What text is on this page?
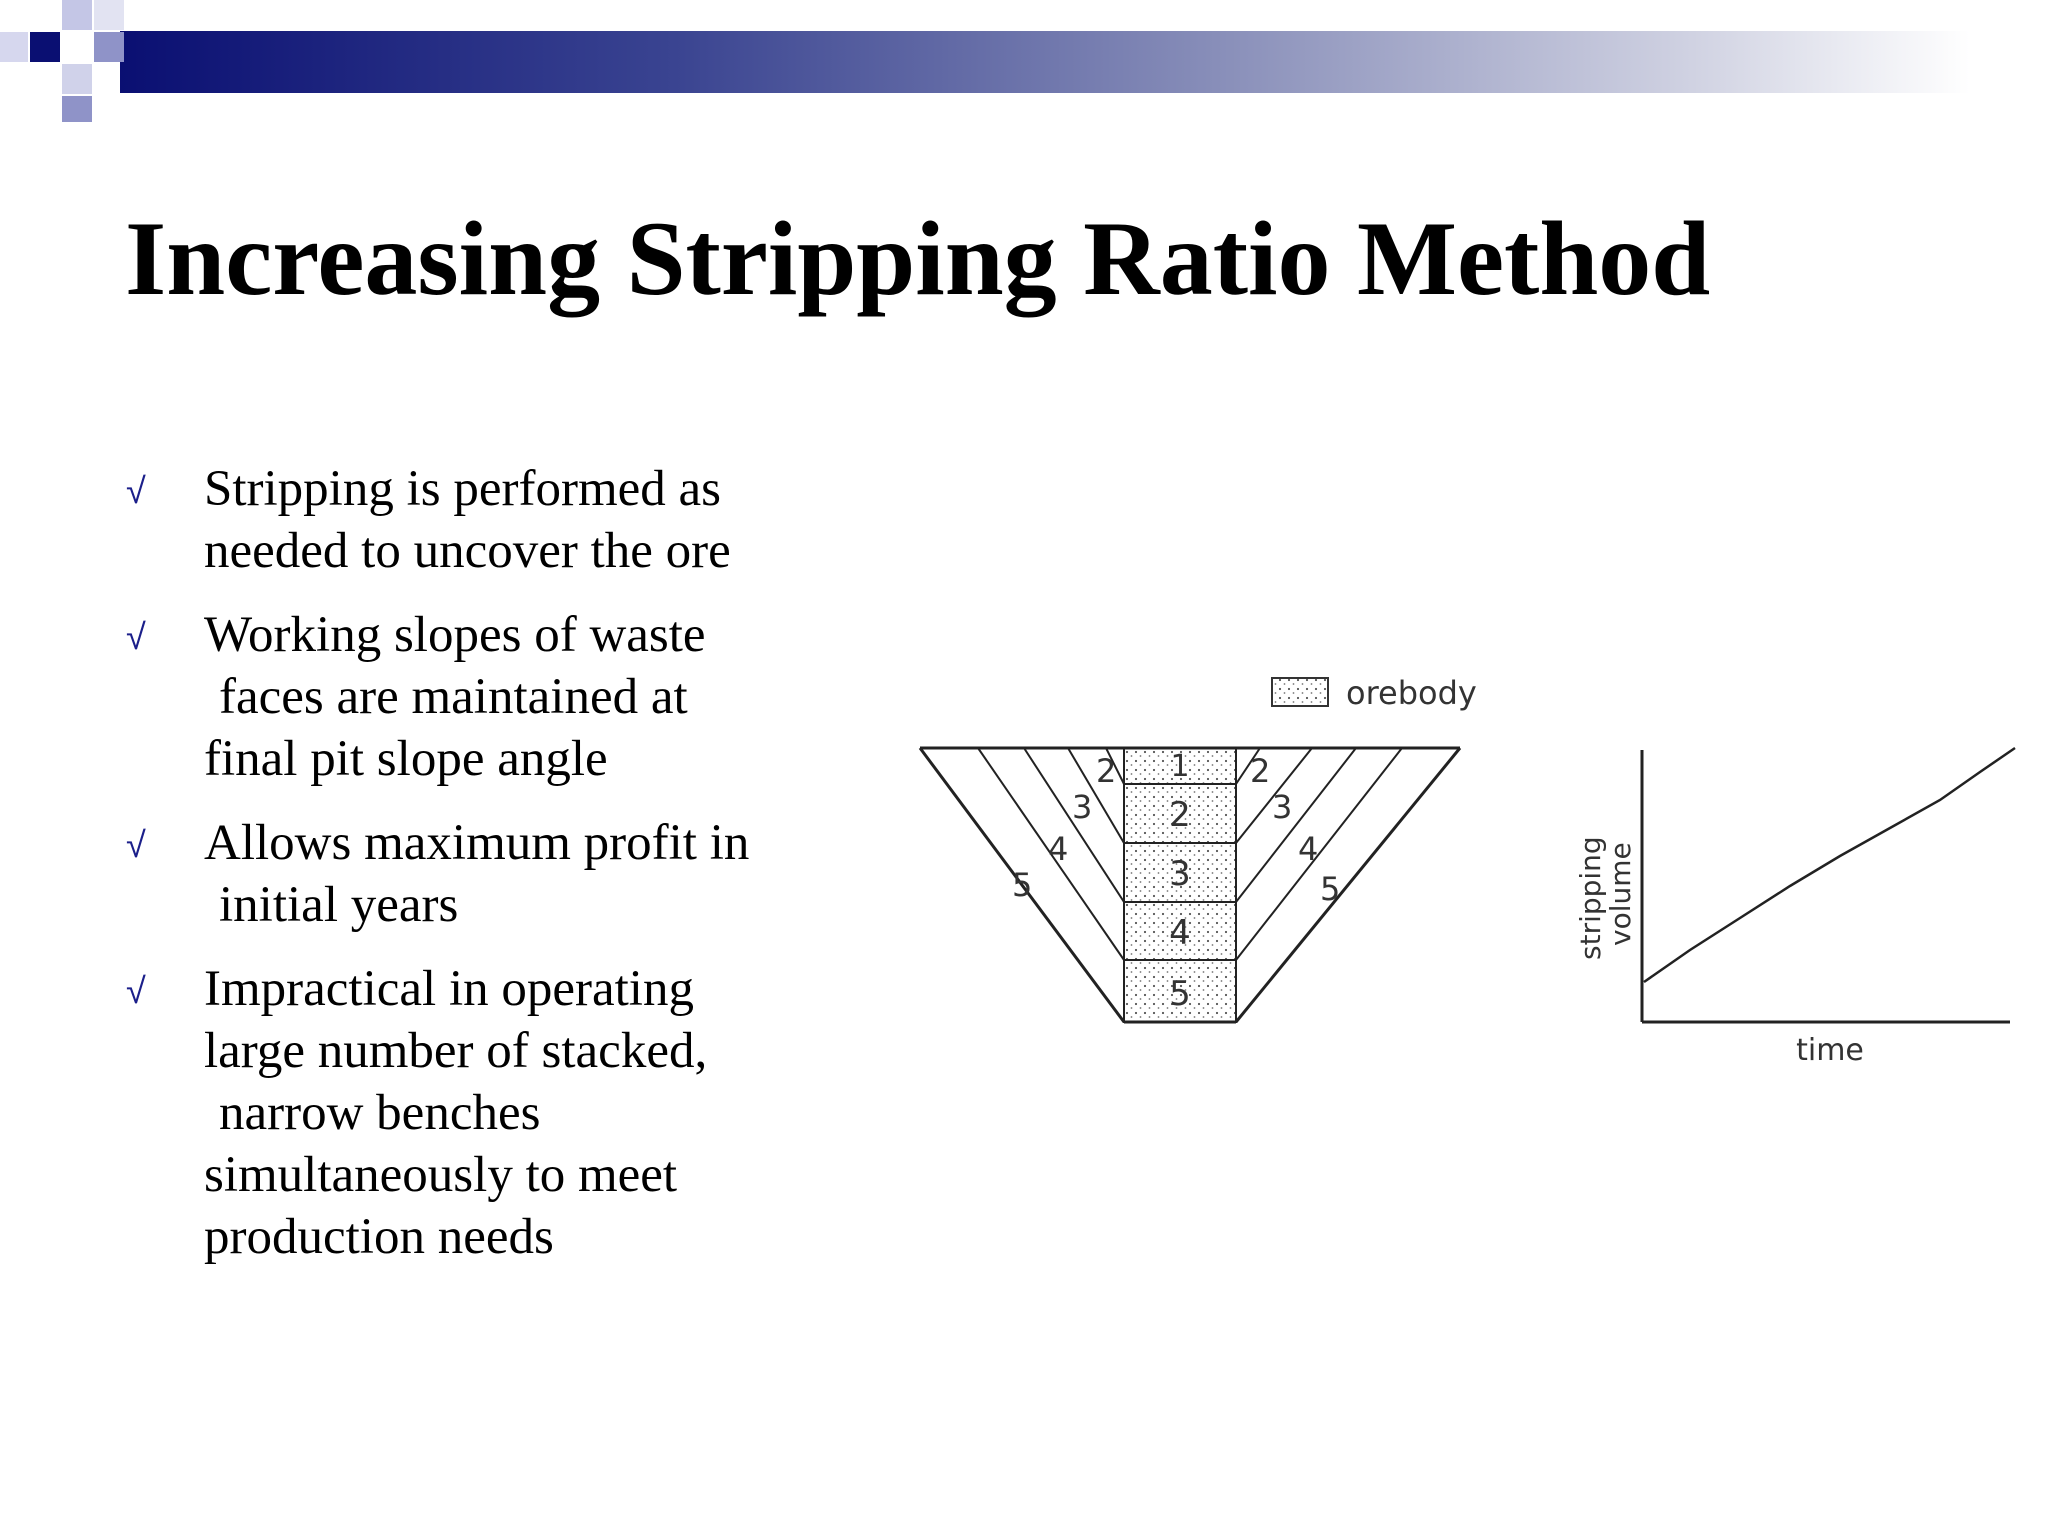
Increasing Stripping Ratio Method
√ Stripping is performed as
needed to uncover the ore
√ Working slopes of waste
faces are maintained at
final pit slope angle
√ Allows maximum profit in
initial years
√ Impractical in operating
large number of stacked,
narrow benches
simultaneously to meet
production needs
orebody
1
2
3
4
5
2
3
4
5
2
3
4
5	stripping
volume
time
